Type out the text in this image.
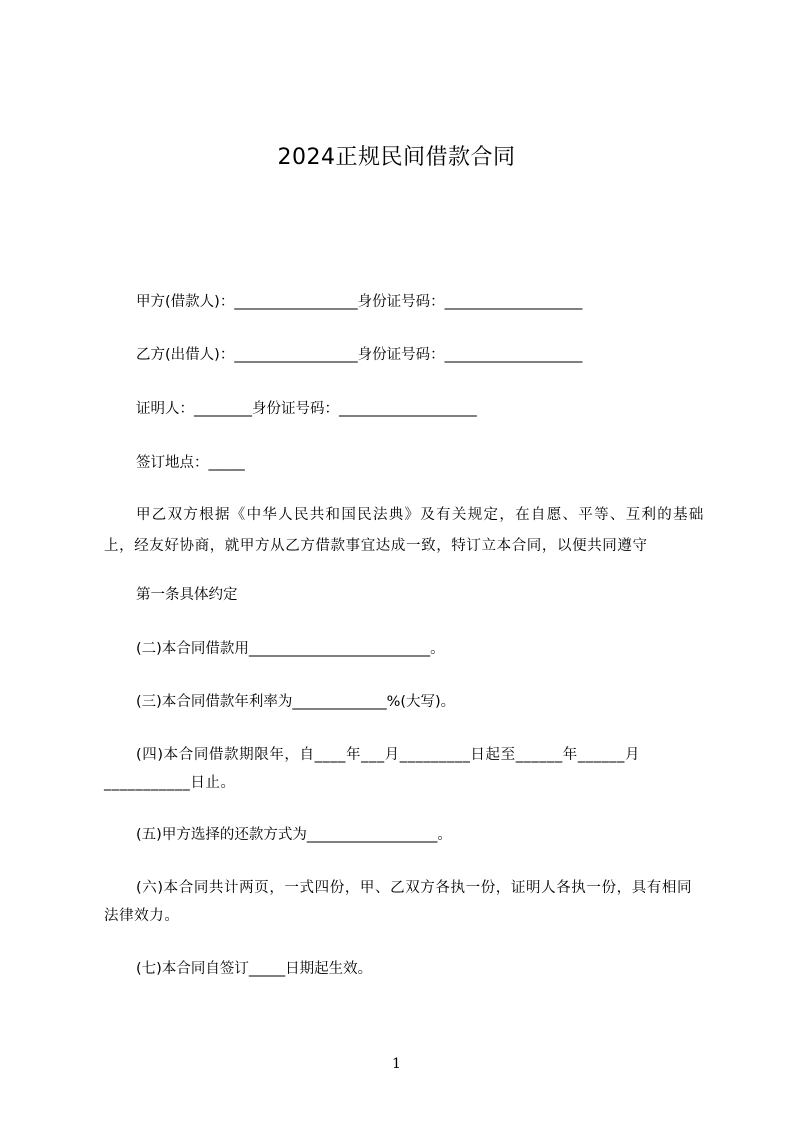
2024正规民间借款合同
甲方(借款人)：_________________身份证号码：___________________
乙方(出借人)：_________________身份证号码：___________________
证明人：________身份证号码：___________________
签订地点：_____
甲乙双方根据《中华人民共和国民法典》及有关规定，在自愿、平等、互利的基础上，经友好协商，就甲方从乙方借款事宜达成一致，特订立本合同，以便共同遵守
第一条具体约定
(二)本合同借款用_________________________。
(三)本合同借款年利率为_____________%(大写)。
(四)本合同借款期限年，自____年___月_________日起至______年______月___________日止。
(五)甲方选择的还款方式为__________________。
(六)本合同共计两页，一式四份，甲、乙双方各执一份，证明人各执一份，具有相同法律效力。
(七)本合同自签订_____日期起生效。
1
